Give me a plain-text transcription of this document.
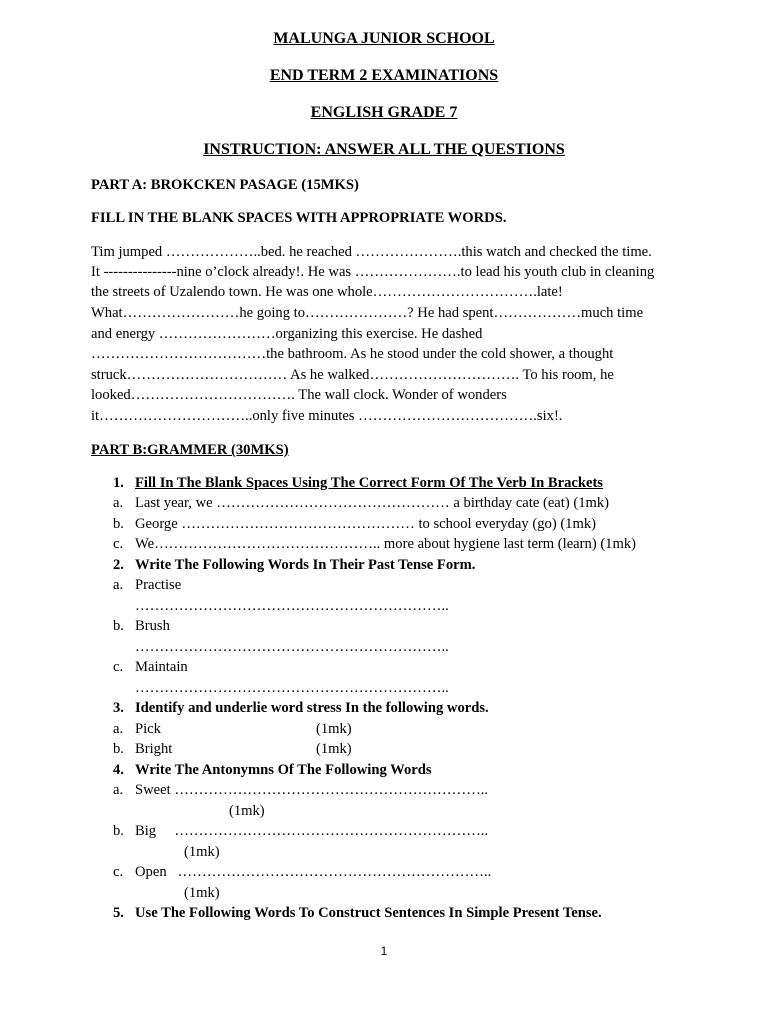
MALUNGA JUNIOR SCHOOL
END TERM 2 EXAMINATIONS
ENGLISH GRADE 7
INSTRUCTION: ANSWER ALL THE QUESTIONS
PART A: BROKCKEN PASAGE (15MKS)
FILL IN THE BLANK SPACES WITH APPROPRIATE WORDS.
Tim jumped ………………..bed. he reached ………………….this watch and checked the time.
It ---------------nine o’clock already!. He was ………………….to lead his youth club in cleaning
the streets of Uzalendo town. He was one whole…………………………….late!
What……………………he going to…………………? He had spent………………much time
and energy ……………………organizing this exercise. He dashed
………………………………the bathroom. As he stood under the cold shower, a thought
struck…………………………… As he walked…………………………. To his room, he
looked……………………………. The wall clock. Wonder of wonders
it…………………………..only five minutes ……………………………….six!.
PART B:GRAMMER (30MKS)
1. Fill In The Blank Spaces Using The Correct Form Of The Verb In Brackets
a. Last year, we ………………………………………… a birthday cate (eat) (1mk)
b. George ………………………………………… to school everyday (go) (1mk)
c. We……………………………………….. more about hygiene last term (learn) (1mk)
2. Write The Following Words In Their Past Tense Form.
a. Practise
………………………………………………………..
b. Brush
………………………………………………………..
c. Maintain
………………………………………………………..
3. Identify and underlie word stress In the following words.
a. Pick	(1mk)
b. Bright	(1mk)
4. Write The Antonymns Of The Following Words
a. Sweet ………………………………………………………..
(1mk)
b. Big     ………………………………………………………..
(1mk)
c. Open   ………………………………………………………..
(1mk)
5. Use The Following Words To Construct Sentences In Simple Present Tense.
1
